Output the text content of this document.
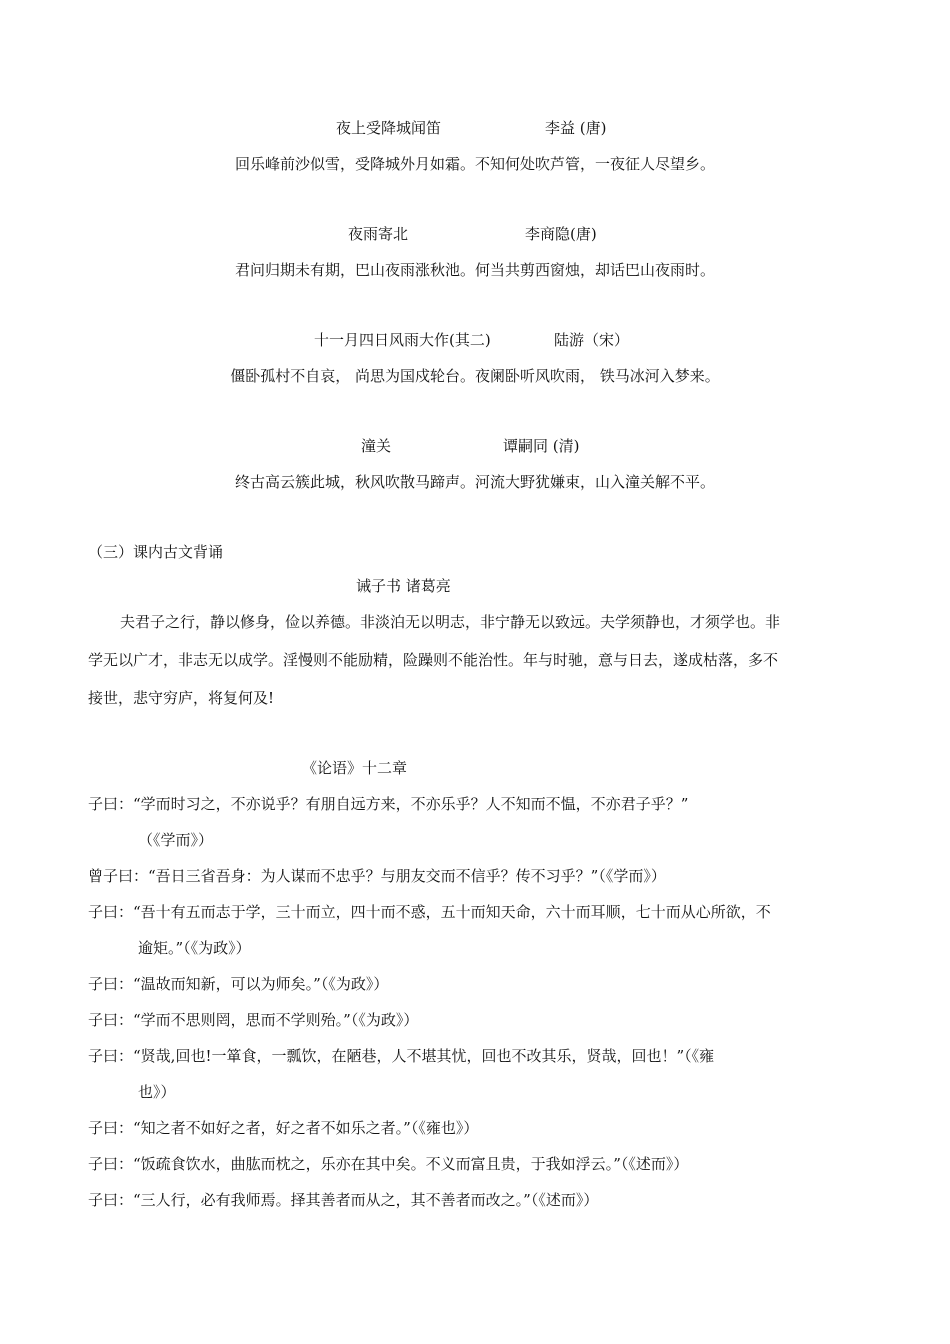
夜上受降城闻笛	李益 (唐)
回乐峰前沙似雪，受降城外月如霜。不知何处吹芦管，一夜征人尽望乡。
夜雨寄北	李商隐(唐)
君问归期未有期，巴山夜雨涨秋池。何当共剪西窗烛，却话巴山夜雨时。
十一月四日风雨大作(其二)	陆游（宋）
僵卧孤村不自哀， 尚思为国戍轮台。夜阑卧听风吹雨， 铁马冰河入梦来。
潼关	谭嗣同 (清)
终古高云簇此城，秋风吹散马蹄声。河流大野犹嫌束，山入潼关解不平。
（三）课内古文背诵
诫子书 诸葛亮
夫君子之行，静以修身，俭以养德。非淡泊无以明志，非宁静无以致远。夫学须静也，才须学也。非
学无以广才，非志无以成学。淫慢则不能励精，险躁则不能治性。年与时驰，意与日去，遂成枯落，多不
接世，悲守穷庐，将复何及!
《论语》十二章
子曰：“学而时习之，不亦说乎？有朋自远方来，不亦乐乎？人不知而不愠，不亦君子乎？”
（《学而》）
曾子曰：“吾日三省吾身：为人谋而不忠乎？与朋友交而不信乎？传不习乎？”（《学而》）
子曰：“吾十有五而志于学，三十而立，四十而不惑，五十而知天命，六十而耳顺，七十而从心所欲，不
逾矩。”（《为政》）
子曰：“温故而知新，可以为师矣。”（《为政》）
子曰：“学而不思则罔，思而不学则殆。”（《为政》）
子曰：“贤哉,回也!一箪食，一瓢饮，在陋巷，人不堪其忧，回也不改其乐，贤哉，回也！”（《雍
也》）
子曰：“知之者不如好之者，好之者不如乐之者。”（《雍也》）
子曰：“饭疏食饮水，曲肱而枕之，乐亦在其中矣。不义而富且贵，于我如浮云。”（《述而》）
子曰：“三人行，必有我师焉。择其善者而从之，其不善者而改之。”（《述而》）
